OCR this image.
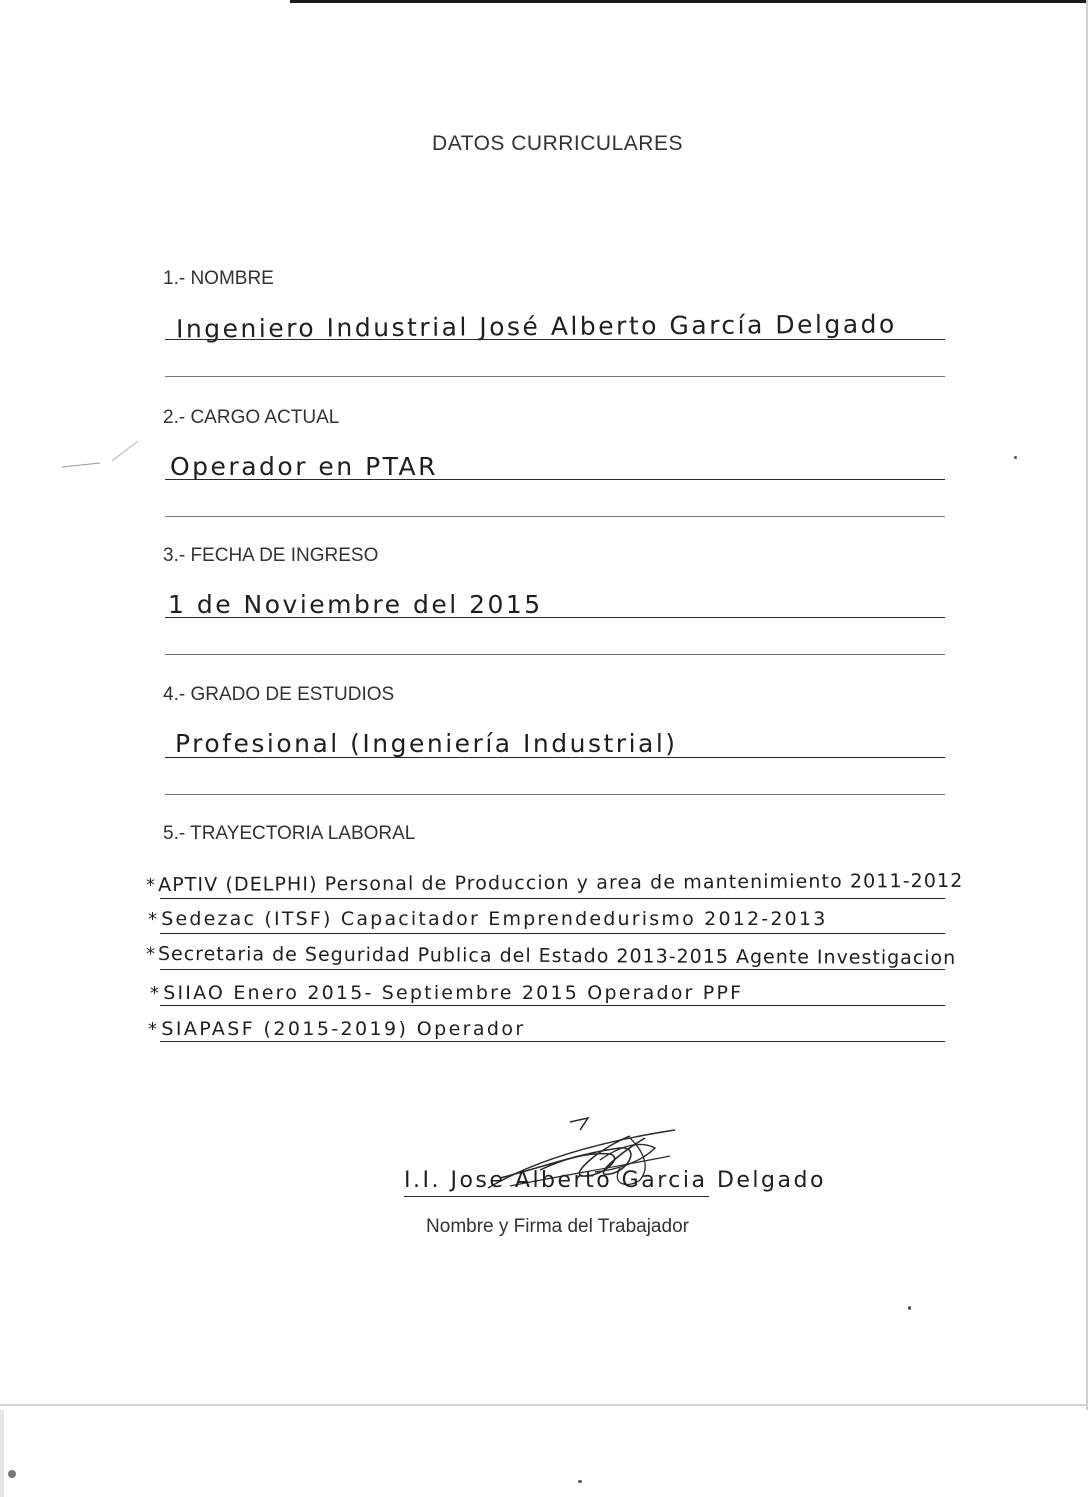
DATOS CURRICULARES
1.- NOMBRE
Ingeniero Industrial José Alberto García Delgado
2.- CARGO ACTUAL
Operador en PTAR
3.- FECHA DE INGRESO
1 de Noviembre del 2015
4.- GRADO DE ESTUDIOS
Profesional (Ingeniería Industrial)
5.- TRAYECTORIA LABORAL
*APTIV (DELPHI) Personal de Produccion y area de mantenimiento 2011-2012
* Sedezac (ITSF) Capacitador Emprendedurismo 2012-2013
*Secretaria de Seguridad Publica del Estado 2013-2015 Agente Investigacion
* SIIAO Enero 2015- Septiembre 2015 Operador PPF
* SIAPASF (2015-2019) Operador
I.I. Jose Alberto Garcia Delgado
Nombre y Firma del Trabajador
